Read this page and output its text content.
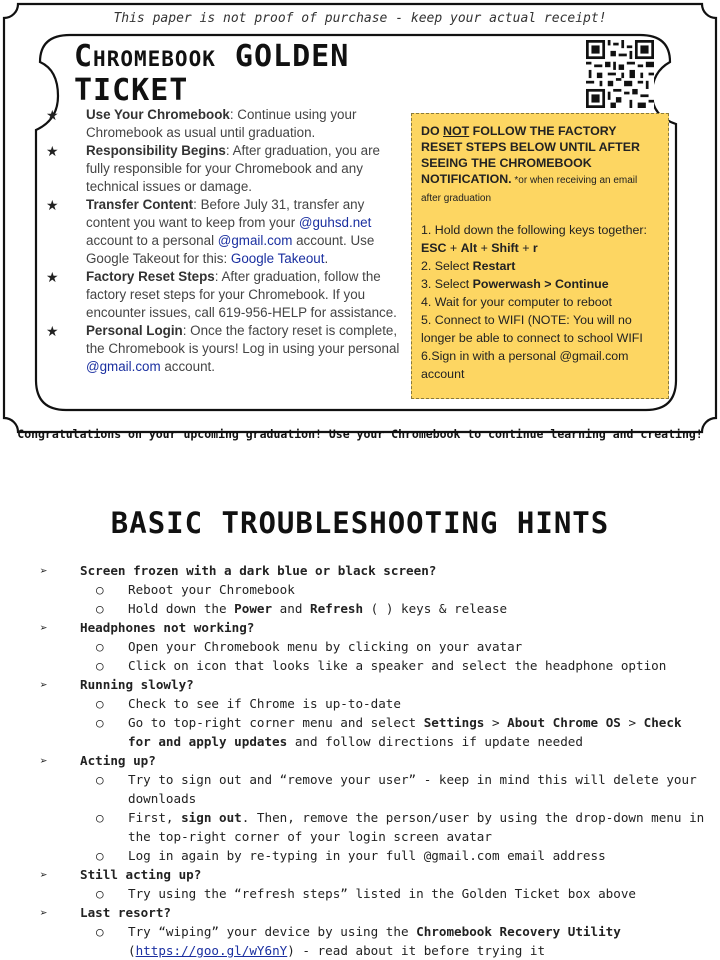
This paper is not proof of purchase - keep your actual receipt!
Chromebook GOLDEN
TICKET
★ Use Your Chromebook: Continue using your Chromebook as usual until graduation.
★ Responsibility Begins: After graduation, you are fully responsible for your Chromebook and any technical issues or damage.
★ Transfer Content: Before July 31, transfer any content you want to keep from your @guhsd.net account to a personal @gmail.com account. Use Google Takeout for this: Google Takeout.
★ Factory Reset Steps: After graduation, follow the factory reset steps for your Chromebook. If you encounter issues, call 619-956-HELP for assistance.
★ Personal Login: Once the factory reset is complete, the Chromebook is yours! Log in using your personal @gmail.com account.
DO NOT FOLLOW THE FACTORY RESET STEPS BELOW UNTIL AFTER SEEING THE CHROMEBOOK NOTIFICATION. *or when receiving an email after graduation
1. Hold down the following keys together:    ESC + Alt + Shift + r
2. Select Restart
3. Select Powerwash > Continue
4. Wait for your computer to reboot
5. Connect to WIFI (NOTE: You will no longer be able to connect to school WIFI
6.Sign in with a personal @gmail.com account
Congratulations on your upcoming graduation! Use your Chromebook to continue learning and creating!
BASIC TROUBLESHOOTING HINTS
➢	Screen frozen with a dark blue or black screen?
○ Reboot your Chromebook
○ Hold down the Power and Refresh ( ) keys & release
➢	Headphones not working?
○ Open your Chromebook menu by clicking on your avatar
○ Click on icon that looks like a speaker and select the headphone option
➢	Running slowly?
○ Check to see if Chrome is up-to-date
○ Go to top-right corner menu and select Settings > About Chrome OS > Check for and apply updates and follow directions if update needed
➢	Acting up?
○ Try to sign out and “remove your user” - keep in mind this will delete your downloads
○ First, sign out. Then, remove the person/user by using the drop-down menu in the top-right corner of your login screen avatar
○ Log in again by re-typing in your full @gmail.com email address
➢	Still acting up?
○ Try using the “refresh steps” listed in the Golden Ticket box above
➢	Last resort?
○ Try “wiping” your device by using the Chromebook Recovery Utility
(https://goo.gl/wY6nY) - read about it before trying it
